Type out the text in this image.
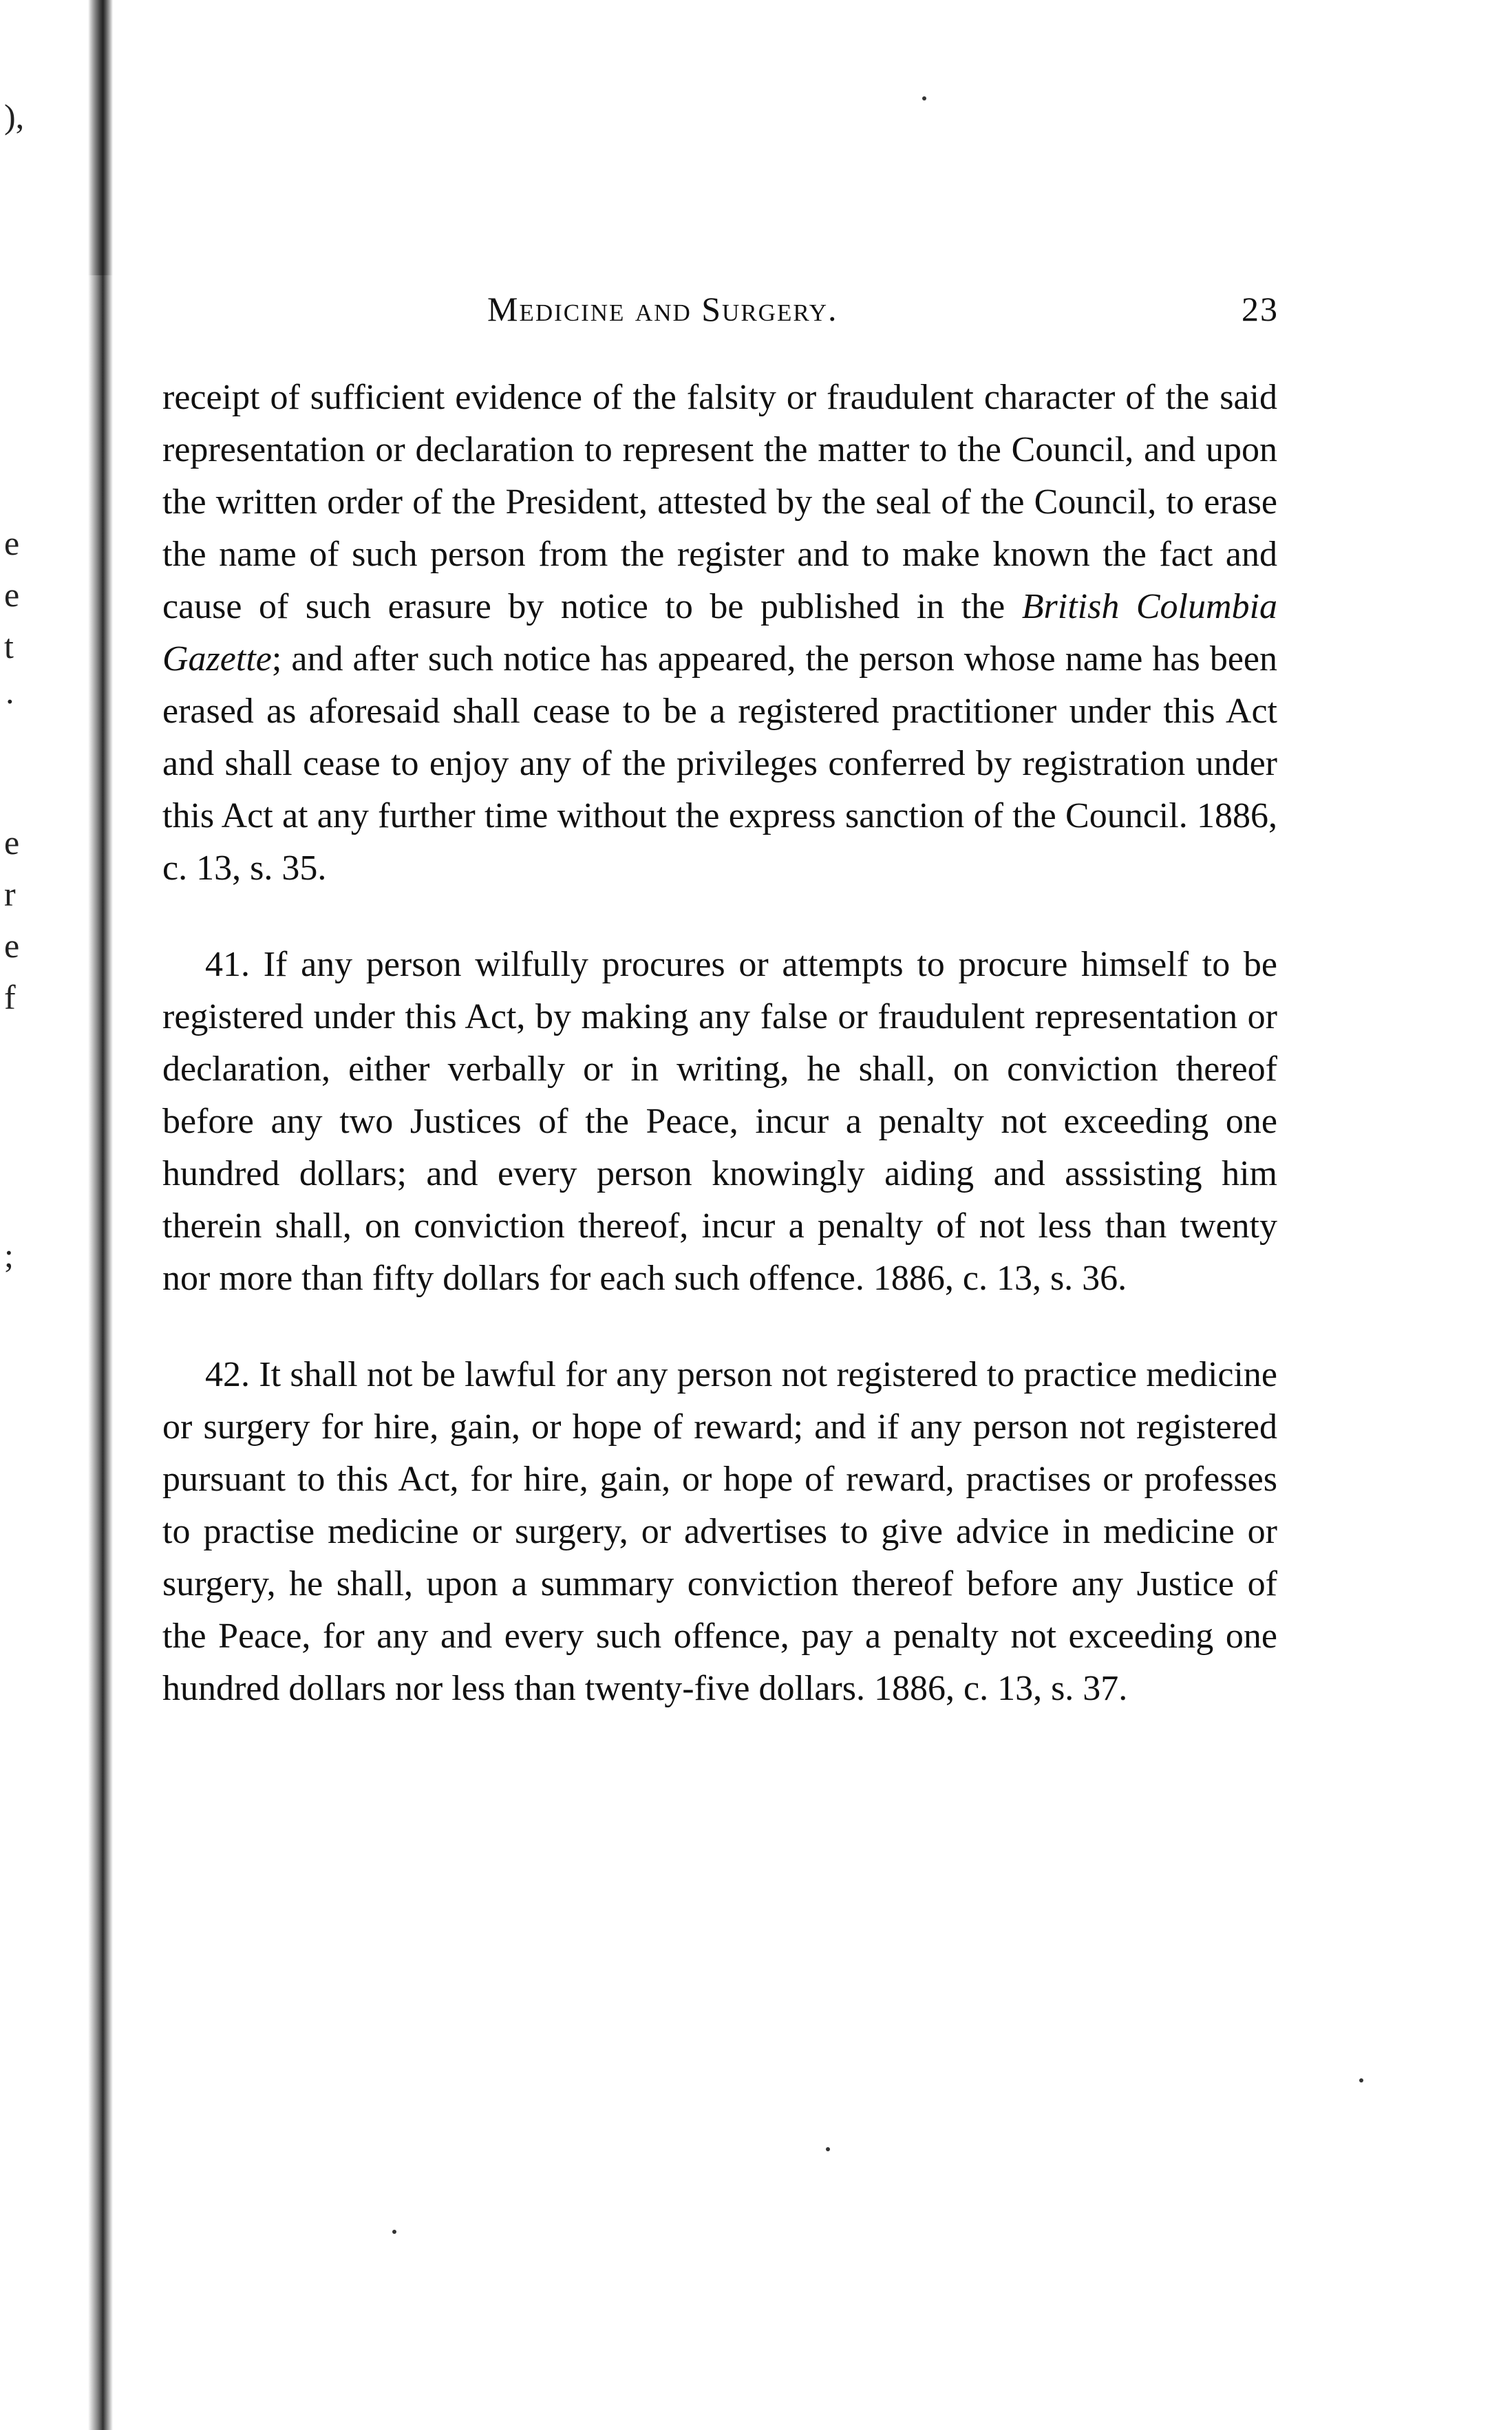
),
e
e
t
·
e
r
e
f
;
Medicine and Surgery.	23

receipt of sufficient evidence of the falsity or fraudulent character of the said representation or declaration to represent the matter to the Council, and upon the written order of the President, attested by the seal of the Council, to erase the name of such person from the register and to make known the fact and cause of such erasure by notice to be published in the British Columbia Gazette; and after such notice has appeared, the person whose name has been erased as aforesaid shall cease to be a registered practitioner under this Act and shall cease to enjoy any of the privileges conferred by registration under this Act at any further time without the express sanction of the Council. 1886, c. 13, s. 35.

41. If any person wilfully procures or attempts to procure himself to be registered under this Act, by making any false or fraudulent representation or declaration, either verbally or in writing, he shall, on conviction thereof before any two Justices of the Peace, incur a penalty not exceeding one hundred dollars; and every person knowingly aiding and asssisting him therein shall, on conviction thereof, incur a penalty of not less than twenty nor more than fifty dollars for each such offence. 1886, c. 13, s. 36.

42. It shall not be lawful for any person not registered to practice medicine or surgery for hire, gain, or hope of reward; and if any person not registered pursuant to this Act, for hire, gain, or hope of reward, practises or professes to practise medicine or surgery, or advertises to give advice in medicine or surgery, he shall, upon a summary conviction thereof before any Justice of the Peace, for any and every such offence, pay a penalty not exceeding one hundred dollars nor less than twenty-five dollars. 1886, c. 13, s. 37.
